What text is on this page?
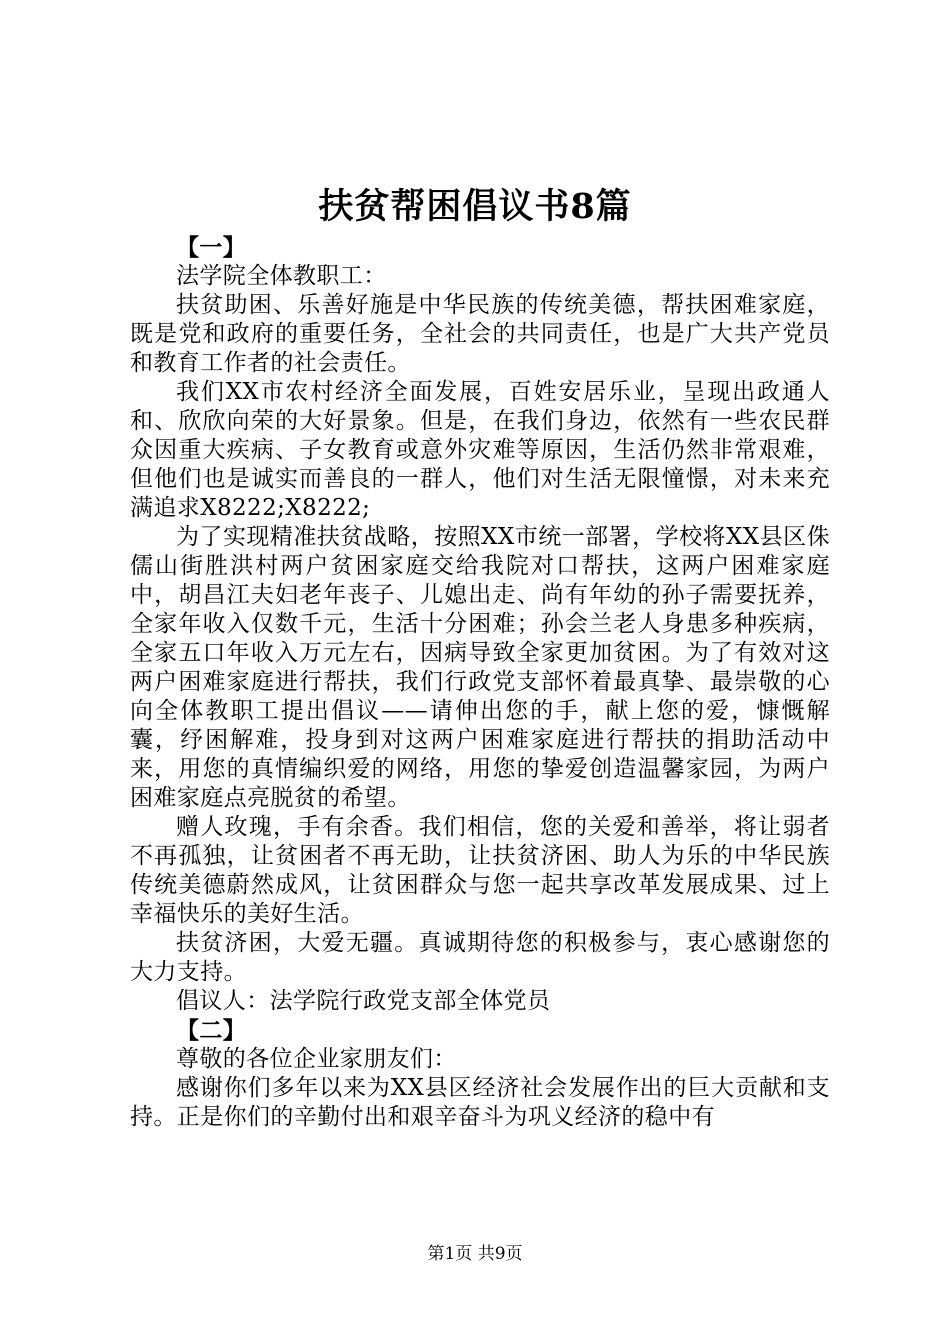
扶贫帮困倡议书8篇

【一】

法学院全体教职工：

扶贫助困、乐善好施是中华民族的传统美德，帮扶困难家庭，既是党和政府的重要任务，全社会的共同责任，也是广大共产党员和教育工作者的社会责任。

我们XX市农村经济全面发展，百姓安居乐业，呈现出政通人和、欣欣向荣的大好景象。但是，在我们身边，依然有一些农民群众因重大疾病、子女教育或意外灾难等原因，生活仍然非常艰难，但他们也是诚实而善良的一群人，他们对生活无限憧憬，对未来充满追求X8222;X8222;

为了实现精准扶贫战略，按照XX市统一部署，学校将XX县区侏儒山街胜洪村两户贫困家庭交给我院对口帮扶，这两户困难家庭中，胡昌江夫妇老年丧子、儿媳出走、尚有年幼的孙子需要抚养，全家年收入仅数千元，生活十分困难；孙会兰老人身患多种疾病，全家五口年收入万元左右，因病导致全家更加贫困。为了有效对这两户困难家庭进行帮扶，我们行政党支部怀着最真挚、最崇敬的心向全体教职工提出倡议——请伸出您的手，献上您的爱，慷慨解囊，纾困解难，投身到对这两户困难家庭进行帮扶的捐助活动中来，用您的真情编织爱的网络，用您的挚爱创造温馨家园，为两户困难家庭点亮脱贫的希望。

赠人玫瑰，手有余香。我们相信，您的关爱和善举，将让弱者不再孤独，让贫困者不再无助，让扶贫济困、助人为乐的中华民族传统美德蔚然成风，让贫困群众与您一起共享改革发展成果、过上幸福快乐的美好生活。

扶贫济困，大爱无疆。真诚期待您的积极参与，衷心感谢您的大力支持。

倡议人：法学院行政党支部全体党员

【二】

尊敬的各位企业家朋友们：

感谢你们多年以来为XX县区经济社会发展作出的巨大贡献和支持。正是你们的辛勤付出和艰辛奋斗为巩义经济的稳中有

第1页 共9页
